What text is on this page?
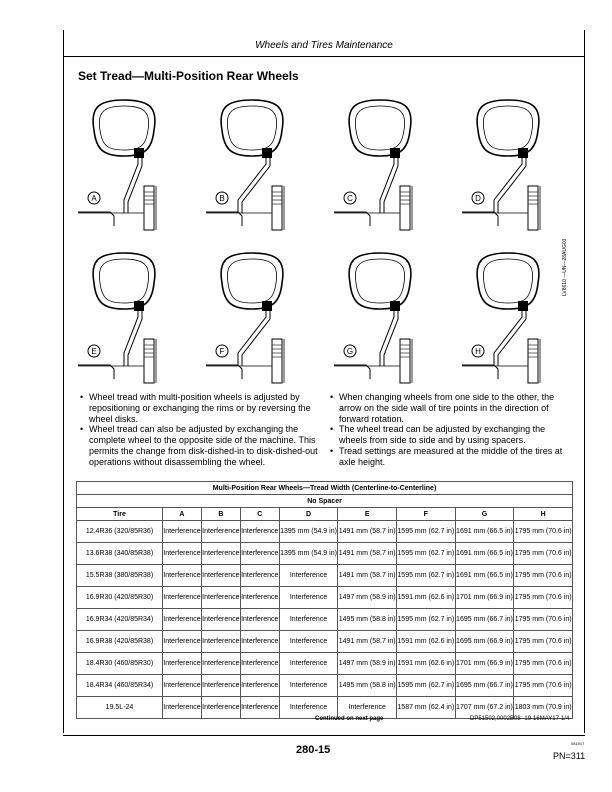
Wheels and Tires Maintenance
Set Tread—Multi-Position Rear Wheels
A	B	C	D
E	F	G	H
LV8610 —UN—28AUG03

• Wheel tread with multi-position wheels is adjusted by repositioning or exchanging the rims or by reversing the wheel disks.

• Wheel tread can also be adjusted by exchanging the complete wheel to the opposite side of the machine. This permits the change from disk-dished-in to disk-dished-out operations without disassembling the wheel.

• When changing wheels from one side to the other, the arrow on the side wall of tire points in the direction of forward rotation.

• The wheel tread can be adjusted by exchanging the wheels from side to side and by using spacers.

• Tread settings are measured at the middle of the tires at axle height.

Multi-Position Rear Wheels—Tread Width (Centerline-to-Centerline)								
No Spacer								
Tire	A	B	C	D	E	F	G	H
12.4R36 (320/85R36)	Interference	Interference	Interference	1395 mm (54.9 in)	1491 mm (58.7 in)	1595 mm (62.7 in)	1691 mm (66.5 in)	1795 mm (70.6 in)
13.6R38 (340/85R38)	Interference	Interference	Interference	1395 mm (54.9 in)	1491 mm (58.7 in)	1595 mm (62.7 in)	1691 mm (66.5 in)	1795 mm (70.6 in)
15.5R38 (380/85R38)	Interference	Interference	Interference	Interference	1491 mm (58.7 in)	1595 mm (62.7 in)	1691 mm (66.5 in)	1795 mm (70.6 in)
16.9R30 (420/85R30)	Interference	Interference	Interference	Interference	1497 mm (58.9 in)	1591 mm (62.6 in)	1701 mm (66.9 in)	1795 mm (70.6 in)
16.9R34 (420/85R34)	Interference	Interference	Interference	Interference	1495 mm (58.8 in)	1595 mm (62.7 in)	1695 mm (66.7 in)	1795 mm (70.6 in)
16.9R38 (420/85R38)	Interference	Interference	Interference	Interference	1491 mm (58.7 in)	1591 mm (62.6 in)	1695 mm (66.9 in)	1795 mm (70.6 in)
18.4R30 (460/85R30)	Interference	Interference	Interference	Interference	1497 mm (58.9 in)	1591 mm (62.6 in)	1701 mm (66.9 in)	1795 mm (70.6 in)
18.4R34 (460/85R34)	Interference	Interference	Interference	Interference	1495 mm (58.8 in)	1595 mm (62.7 in)	1695 mm (66.7 in)	1795 mm (70.6 in)
19.5L-24	Interference	Interference	Interference	Interference	Interference	1587 mm (62.4 in)	1707 mm (67.2 in)	1803 mm (70.9 in)
Continued on next page	DP51502,0002B08 -19-16MAY17-1/4
280-15
081917
PN=311
